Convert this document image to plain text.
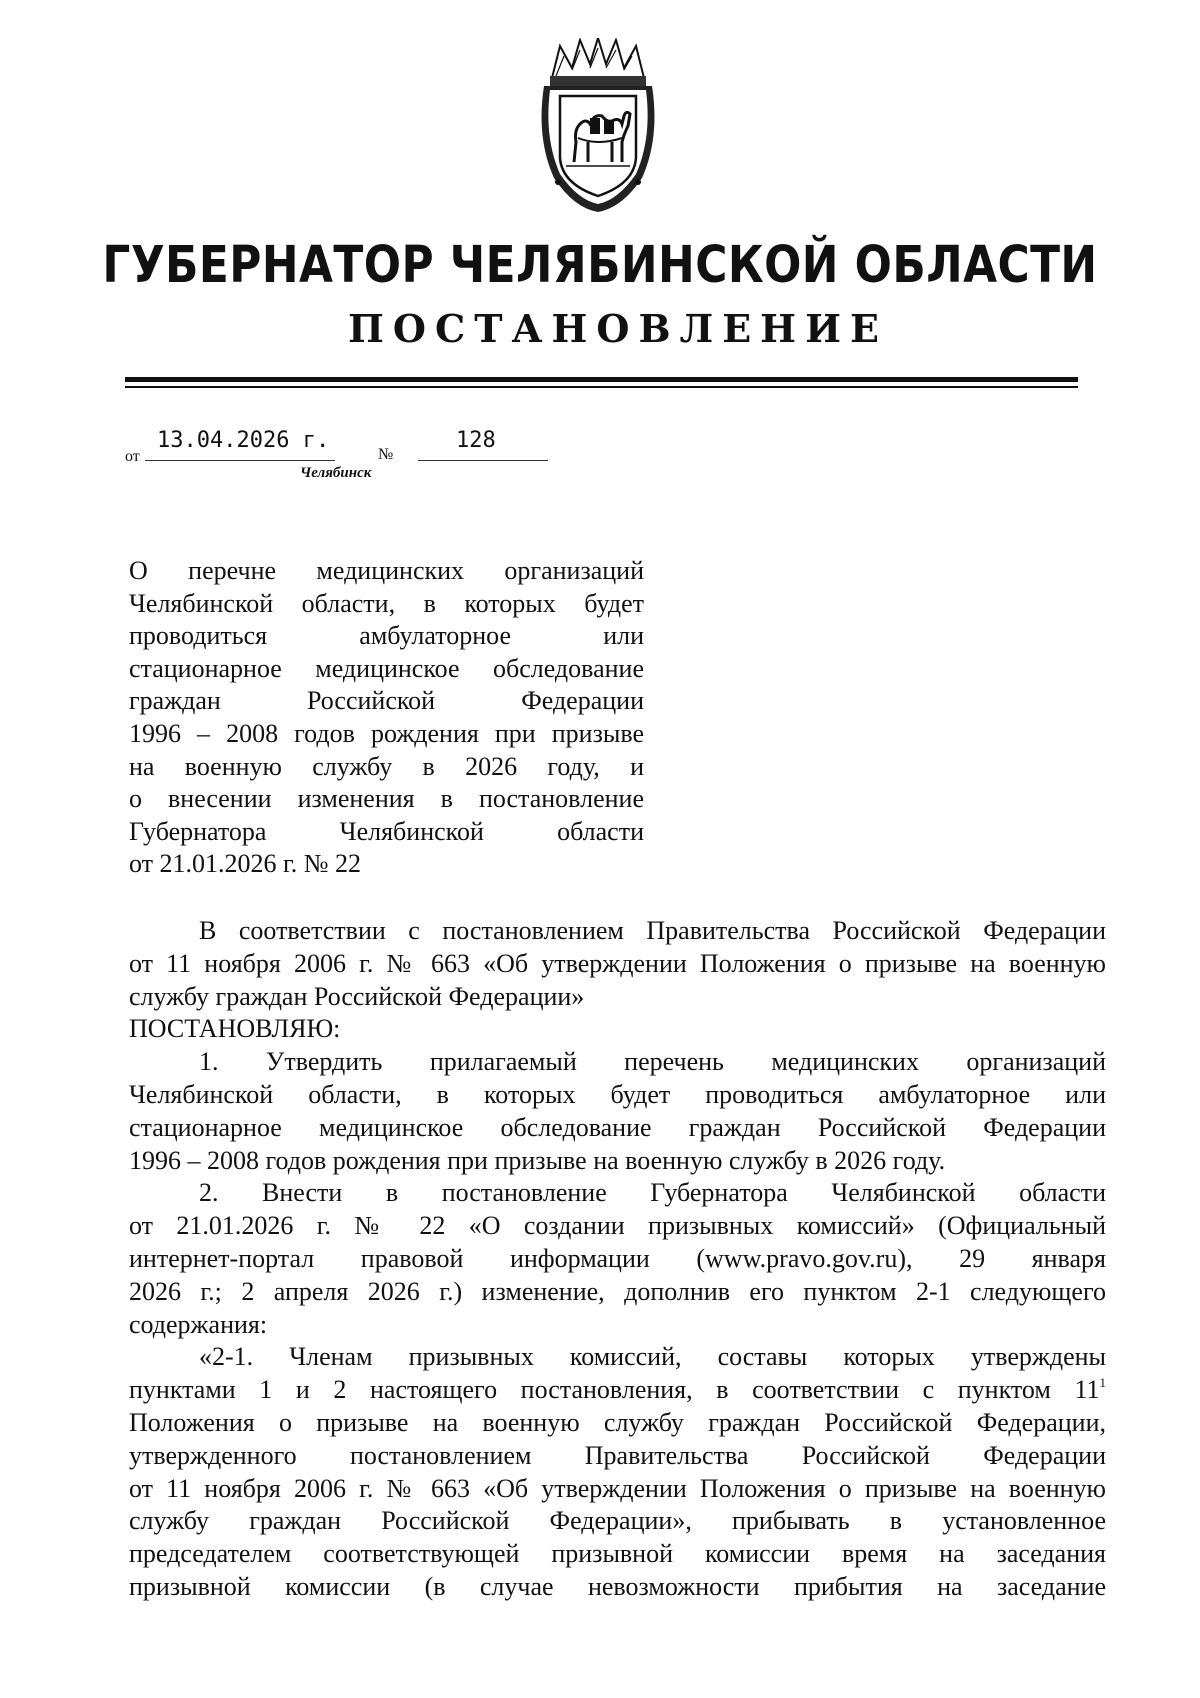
ГУБЕРНАТОР ЧЕЛЯБИНСКОЙ ОБЛАСТИ
ПОСТАНОВЛЕНИЕ
от
13.04.2026 г.
№
128
Челябинск
О перечне медицинских организаций
Челябинской области, в которых будет
проводиться амбулаторное или
стационарное медицинское обследование
граждан Российской Федерации
1996 – 2008 годов рождения при призыве
на военную службу в 2026 году, и
о внесении изменения в постановление
Губернатора Челябинской области
от 21.01.2026 г. № 22
В соответствии с постановлением Правительства Российской Федерации
от 11 ноября 2006 г. № 663 «Об утверждении Положения о призыве на военную
службу граждан Российской Федерации»
ПОСТАНОВЛЯЮ:
1. Утвердить прилагаемый перечень медицинских организаций
Челябинской области, в которых будет проводиться амбулаторное или
стационарное медицинское обследование граждан Российской Федерации
1996 – 2008 годов рождения при призыве на военную службу в 2026 году.
2. Внести в постановление Губернатора Челябинской области
от 21.01.2026 г. № 22 «О создании призывных комиссий» (Официальный
интернет-портал правовой информации (www.pravo.gov.ru), 29 января
2026 г.; 2 апреля 2026 г.) изменение, дополнив его пунктом 2-1 следующего
содержания:
«2-1. Членам призывных комиссий, составы которых утверждены
пунктами 1 и 2 настоящего постановления, в соответствии с пунктом $11^1$
Положения о призыве на военную службу граждан Российской Федерации,
утвержденного постановлением Правительства Российской Федерации
от 11 ноября 2006 г. № 663 «Об утверждении Положения о призыве на военную
службу граждан Российской Федерации», прибывать в установленное
председателем соответствующей призывной комиссии время на заседания
призывной комиссии (в случае невозможности прибытия на заседание
